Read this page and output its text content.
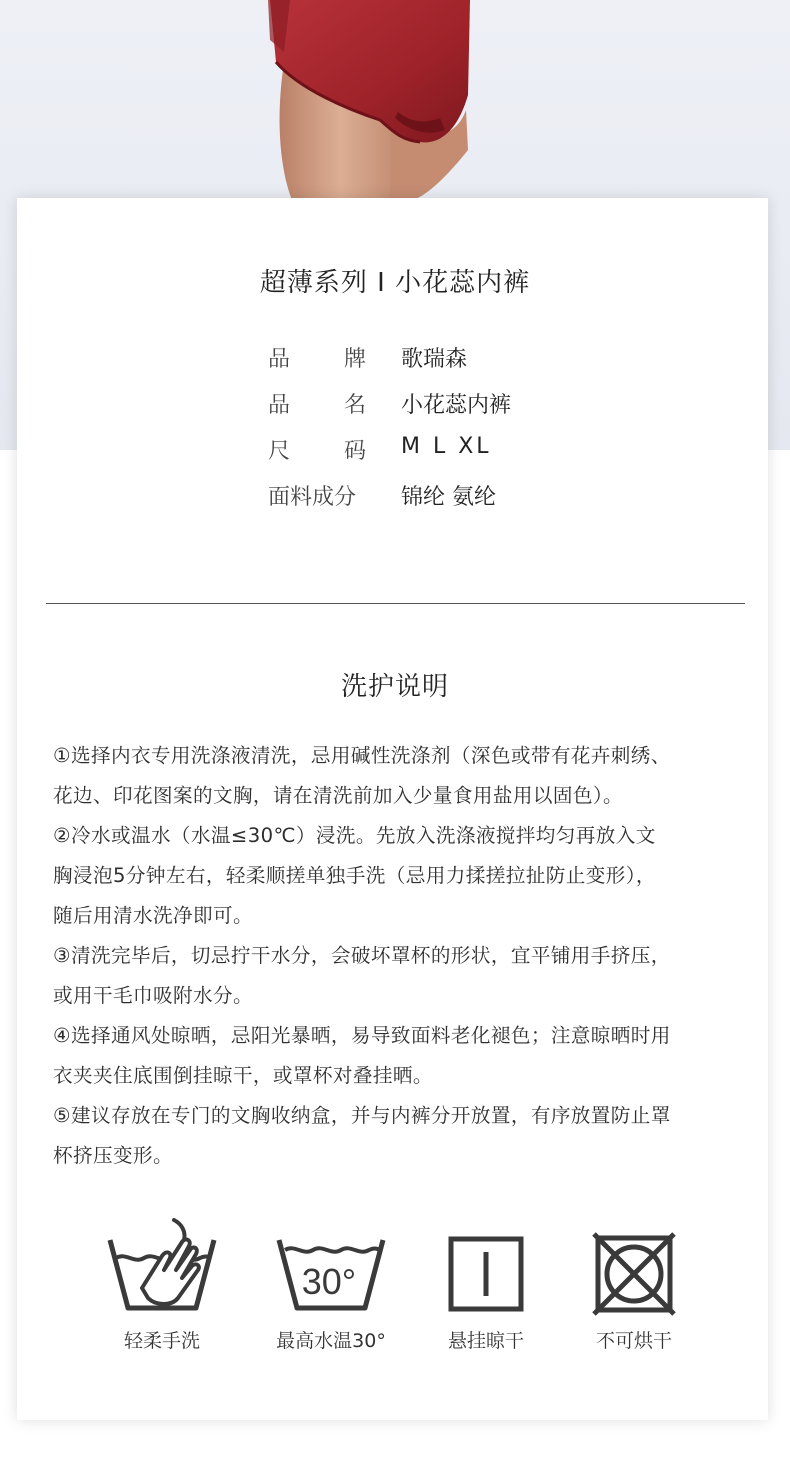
超薄系列 I 小花蕊内裤
品 牌 歌瑞森
品 名 小花蕊内裤
尺 码 M L XL
面料成分	锦纶 氨纶
洗护说明
①选择内衣专用洗涤液清洗，忌用碱性洗涤剂（深色或带有花卉刺绣、
花边、印花图案的文胸，请在清洗前加入少量食用盐用以固色）。
②冷水或温水（水温≤30℃）浸洗。先放入洗涤液搅拌均匀再放入文
胸浸泡5分钟左右，轻柔顺搓单独手洗（忌用力揉搓拉扯防止变形），
随后用清水洗净即可。
③清洗完毕后，切忌拧干水分，会破坏罩杯的形状，宜平铺用手挤压，
或用干毛巾吸附水分。
④选择通风处晾晒，忌阳光暴晒，易导致面料老化褪色；注意晾晒时用
衣夹夹住底围倒挂晾干，或罩杯对叠挂晒。
⑤建议存放在专门的文胸收纳盒，并与内裤分开放置，有序放置防止罩
杯挤压变形。
30°
轻柔手洗	最高水温30°	悬挂晾干	不可烘干
